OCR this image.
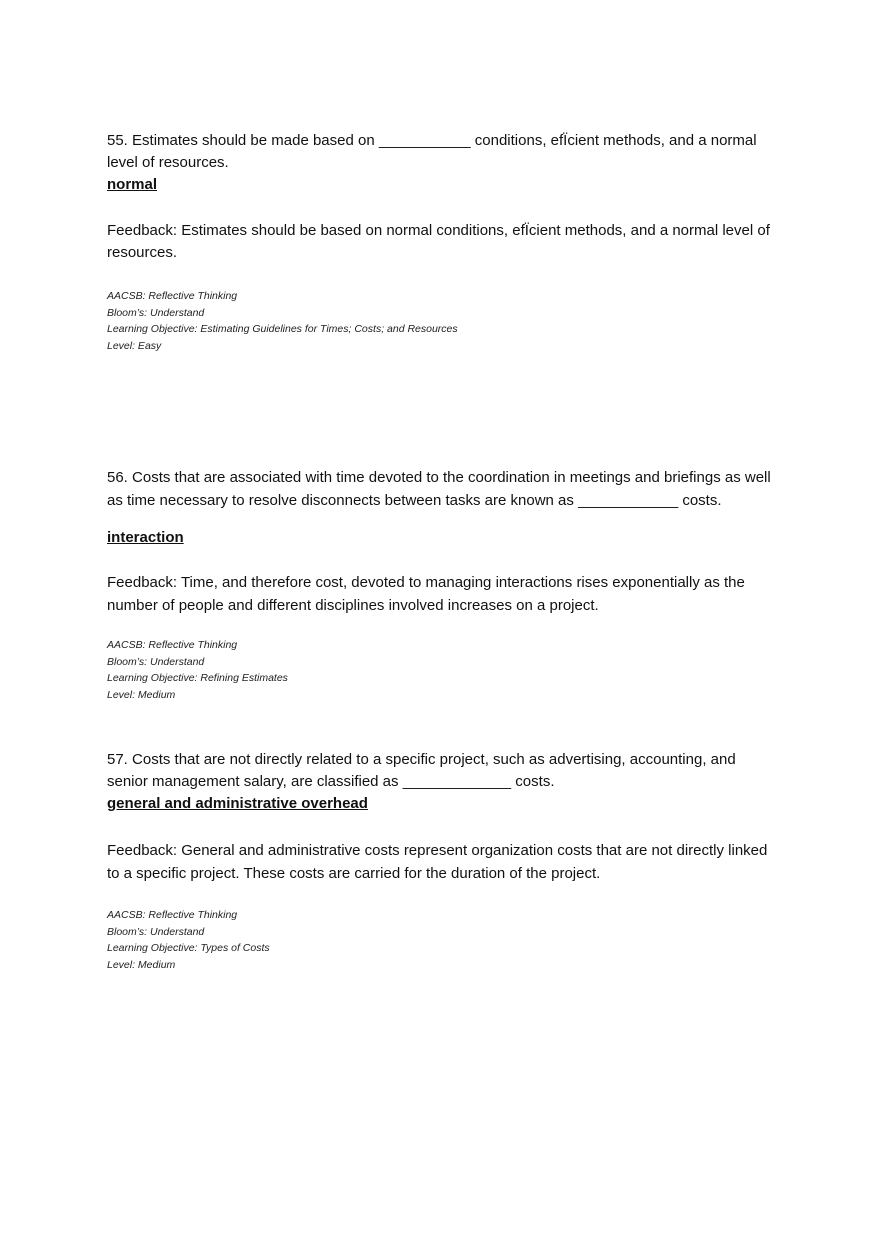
55. Estimates should be made based on ___________ conditions, efÏcient methods, and a normal level of resources.

normal

Feedback: Estimates should be based on normal conditions, efÏcient methods, and a normal level of resources.

AACSB: Reflective Thinking
Bloom’s: Understand
Learning Objective: Estimating Guidelines for Times; Costs; and Resources
Level: Easy

56. Costs that are associated with time devoted to the coordination in meetings and briefings as well as time necessary to resolve disconnects between tasks are known as ____________ costs.

interaction

Feedback: Time, and therefore cost, devoted to managing interactions rises exponentially as the number of people and different disciplines involved increases on a project.

AACSB: Reflective Thinking
Bloom’s: Understand
Learning Objective: Refining Estimates
Level: Medium

57. Costs that are not directly related to a specific project, such as advertising, accounting, and senior management salary, are classified as _____________ costs.

general and administrative overhead

Feedback: General and administrative costs represent organization costs that are not directly linked to a specific project. These costs are carried for the duration of the project.

AACSB: Reflective Thinking
Bloom’s: Understand
Learning Objective: Types of Costs
Level: Medium
